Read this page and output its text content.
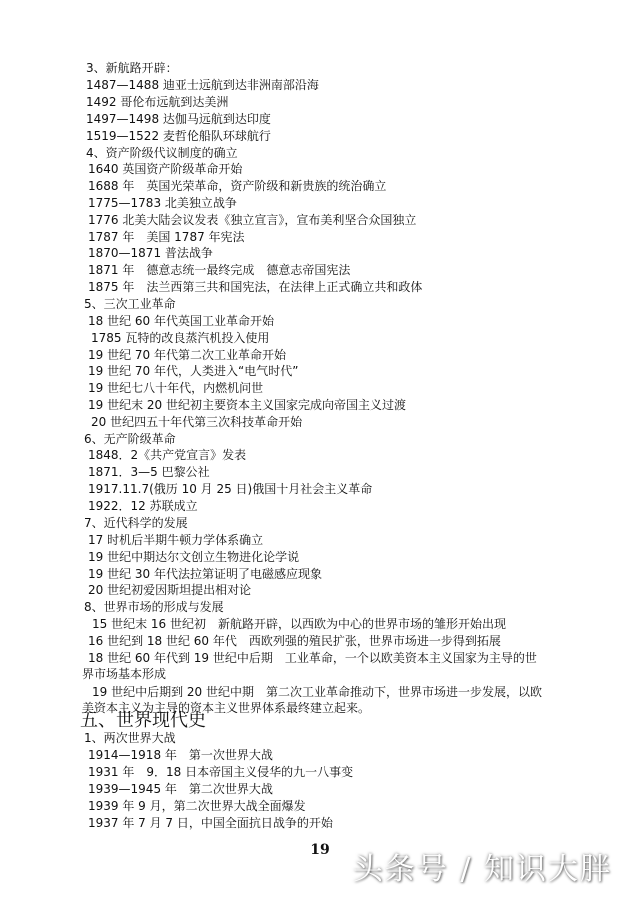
3、新航路开辟：
1487—1488 迪亚士远航到达非洲南部沿海
1492 哥伦布远航到达美洲
1497—1498 达伽马远航到达印度
1519—1522 麦哲伦船队环球航行
4、资产阶级代议制度的确立
1640 英国资产阶级革命开始
1688 年　英国光荣革命，资产阶级和新贵族的统治确立
1775—1783 北美独立战争
1776 北美大陆会议发表《独立宣言》，宣布美利坚合众国独立
1787 年　美国 1787 年宪法
1870—1871 普法战争
1871 年　德意志统一最终完成　德意志帝国宪法
1875 年　法兰西第三共和国宪法，在法律上正式确立共和政体
5、三次工业革命
18 世纪 60 年代英国工业革命开始
1785 瓦特的改良蒸汽机投入使用
19 世纪 70 年代第二次工业革命开始
19 世纪 70 年代，人类进入“电气时代”
19 世纪七八十年代，内燃机问世
19 世纪末 20 世纪初主要资本主义国家完成向帝国主义过渡
20 世纪四五十年代第三次科技革命开始
6、无产阶级革命
1848．2《共产党宣言》发表
1871．3—5 巴黎公社
1917.11.7(俄历 10 月 25 日)俄国十月社会主义革命
1922．12 苏联成立
7、近代科学的发展
17 时机后半期牛顿力学体系确立
19 世纪中期达尔文创立生物进化论学说
19 世纪 30 年代法拉第证明了电磁感应现象
20 世纪初爱因斯坦提出相对论
8、世界市场的形成与发展
15 世纪末 16 世纪初　新航路开辟，以西欧为中心的世界市场的雏形开始出现
16 世纪到 18 世纪 60 年代　西欧列强的殖民扩张，世界市场进一步得到拓展
18 世纪 60 年代到 19 世纪中后期　工业革命，一个以欧美资本主义国家为主导的世
界市场基本形成
19 世纪中后期到 20 世纪中期　第二次工业革命推动下，世界市场进一步发展，以欧
美资本主义为主导的资本主义世界体系最终建立起来。
五、世界现代史
1、两次世界大战
1914—1918 年　第一次世界大战
1931 年　9．18 日本帝国主义侵华的九一八事变
1939—1945 年　第二次世界大战
1939 年 9 月，第二次世界大战全面爆发
1937 年 7 月 7 日，中国全面抗日战争的开始
19
头条号 / 知识大胖
